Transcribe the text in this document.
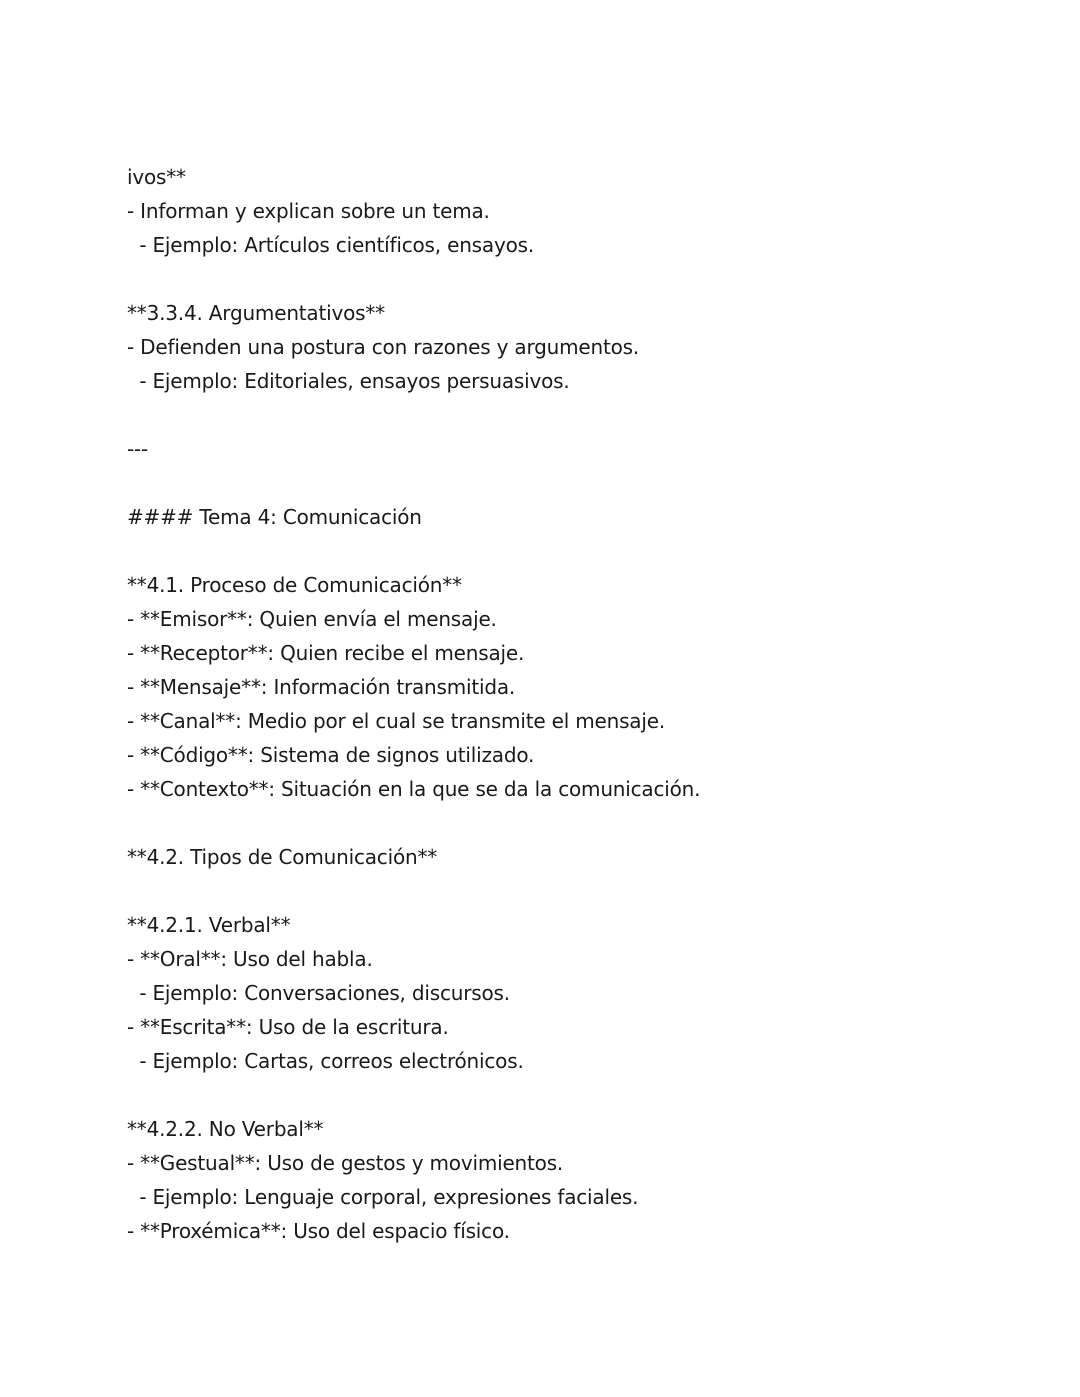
ivos**
- Informan y explican sobre un tema.
- Ejemplo: Artículos científicos, ensayos.
**3.3.4. Argumentativos**
- Defienden una postura con razones y argumentos.
- Ejemplo: Editoriales, ensayos persuasivos.
---
#### Tema 4: Comunicación
**4.1. Proceso de Comunicación**
- **Emisor**: Quien envía el mensaje.
- **Receptor**: Quien recibe el mensaje.
- **Mensaje**: Información transmitida.
- **Canal**: Medio por el cual se transmite el mensaje.
- **Código**: Sistema de signos utilizado.
- **Contexto**: Situación en la que se da la comunicación.
**4.2. Tipos de Comunicación**
**4.2.1. Verbal**
- **Oral**: Uso del habla.
- Ejemplo: Conversaciones, discursos.
- **Escrita**: Uso de la escritura.
- Ejemplo: Cartas, correos electrónicos.
**4.2.2. No Verbal**
- **Gestual**: Uso de gestos y movimientos.
- Ejemplo: Lenguaje corporal, expresiones faciales.
- **Proxémica**: Uso del espacio físico.
